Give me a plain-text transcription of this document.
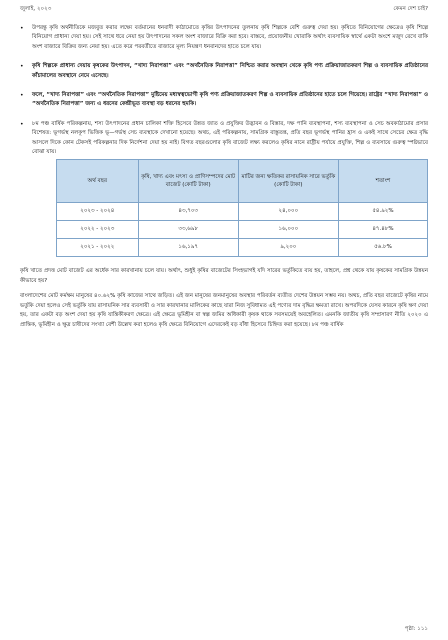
জুলাই, ২০২৩	কেমন দেশ চাই?
•	উপরন্তু কৃষি অর্থনীতিকে মজবুত করার লক্ষ্যে বর্তমানের ধনবাদী কাঠামোতে কৃষির উৎপাদনের তুলনায় কৃষি শিল্পকে বেশি গুরুত্ব দেয়া হয়। কৃষিতে বিনিয়োগের ক্ষেত্রেও কৃষি শিল্পে বিনিয়োগ প্রাধান্য দেয়া হয়। সেই সাথে ধরে নেয়া হয় উৎপাদনের সকল অংশ বাজারে বিক্রি করা হবে। বাস্তবে, প্রয়োজনীয় খোরাকি অর্থাৎ ব্যবসায়িক স্বার্থে একটা অংশে মজুদ রেখে বাকি অংশ বাজারে বিক্রির জন্য নেয়া হয়। এতে করে পরবর্তীতে বাজারে মূল্য নিয়ন্ত্রণ ধনবানদের হাতে চলে যায়।
•	কৃষি শিল্পকে প্রাধান্য দেয়ায় কৃষকের উৎপাদন, “খাদ্য নিরাপত্তা” এবং “অর্থনৈতিক নিরাপত্তা” নিশ্চিত করার অবস্থান থেকে কৃষি পণ্য প্রক্রিয়াজাতকরণ শিল্প ও ব্যবসায়িক প্রতিষ্ঠানের কাঁচামালের অবস্থানে নেমে এসেছে।
•	ফলে, “খাদ্য নিরাপত্তা” এবং “অর্থনৈতিক নিরাপত্তা” মুষ্টিমেয় মধ্যস্বত্বভোগী কৃষি পণ্য প্রক্রিয়াজাতকরণ শিল্প ও ব্যবসায়িক প্রতিষ্ঠানের হাতে চলে গিয়েছে। রাষ্ট্রের “খাদ্য নিরাপত্তা” ও “অর্থনৈতিক নিরাপত্তা” জন্য এ ধরনের কেন্দ্রীভূত ব্যবস্থা বড় ধরনের হুমকি।
•	৮ম পঞ্চ বার্ষিক পরিকল্পনায়, শস্য উৎপাদনের প্রধান চালিকা শক্তি হিসেবে উন্নত জাত ও প্রযুক্তির উদ্ভাবন ও বিস্তার, দক্ষ পানি ব্যবস্থাপনা, শস্য ব্যবস্থাপনা ও সেচ অবকাঠামোর প্রসার বিশেষত: ভূগর্ভস্থ নলকূপ ভিত্তিক ভূ—গর্ভস্থ সেচ ব্যবস্থাকে দেখানো হয়েছে। অথচ, এই পরিকল্পনায়, সামগ্রিক বাস্তুতন্ত্র, প্রতি বছর ভূগর্ভস্থ পানির হ্রাস ও একই সাথে সেচের ক্ষেত্র বৃদ্ধি আসলে দিকে কোন টেকসই পরিকল্পনার দিক নির্দেশনা দেয়া হয় নাই। বিগত বছরগুলোর কৃষি বাজেট লক্ষ্য করলেও কৃষির নানে রাষ্ট্রীয় পর্যায়ে প্রযুক্তি, শিল্প ও ব্যবসায়ে গুরুত্ব স্পষ্টভাবে বোঝা যায়।
অর্থ বছর	কৃষি, খাদ্য এবং মৎস্য ও প্রাণিসম্পদের মোট বাজেট (কোটি টাকা)	মাটির জন্য ক্ষতিকর রাসায়নিক সারে ভর্তুকি (কোটি টাকা)	শতাংশ
২০২৩ - ২০২৪	৪৩,৭০৩	২৪,০০০	৫৪.৯২%
২০২২ - ২০২৩	৩৩,৬৯৮	১৬,০০০	৪৭.৪৮%
২০২১ - ২০২২	১৬,১৯৭	৯,২০০	৫৬.৮%

কৃষি খাতে প্রদত্ত মোট বাজেট এর অর্ধেক সার কারখানায় চলে যায়। অর্থাৎ, শুধুই কৃষির বাজেটের সিংহভাগই যদি সারের ভর্তুকিতে ব্যয় হয়, তাহলে, প্রশ্ন থেকে যায় কৃষকের সামগ্রিক উন্নয়ন কীভাবে হয়?

বাংলাদেশের মোট কর্মক্ষম মানুষের ৪০.৬২% কৃষি কাজের সাথে জড়িত। এই জন মানুষের জনমানুষের অবস্থার পরিবর্তন ব্যতীত দেশের উন্নয়ন সম্ভব নয়। অথচ, প্রতি বছর বাজেটে কৃষির নামে ভর্তুকি দেয়া হলেও সেই ভর্তুকি যায় রাসায়নিক সার ব্যবসায়ী ও সার কারখানার মালিকের কাছে যারা নিজ সুবিধামত এই পণ্যের দাম বৃদ্ধির ক্ষমতা রাখে। অপরদিকে যেসব কারনে কৃষি ক্ষণ দেয়া হয়, তার একটা বড় অংশ দেয়া হয় কৃষি যান্ত্রিকীকরণ ক্ষেত্রে। এই ক্ষেত্রে ভূমিহীন বা স্বল্প জমির অধিকারী কৃষক থাকে সবসময়েই অবহেলিত। এমনকি জাতীয় কৃষি সম্প্রসারণ নীতি ২০২০ এ প্রান্তিক, ভূমিহীন ও ক্ষুদ্র চাষীদের সংখ্যা বেশী উল্লেখ করা হলেও কৃষি ক্ষেত্রে বিনিয়োগে এদেরকেই বড় বাঁধা হিসেবে চিহ্নিত করা হয়েছে। ৮ম পঞ্চ বার্ষিক

পৃষ্ঠা: ১১১
